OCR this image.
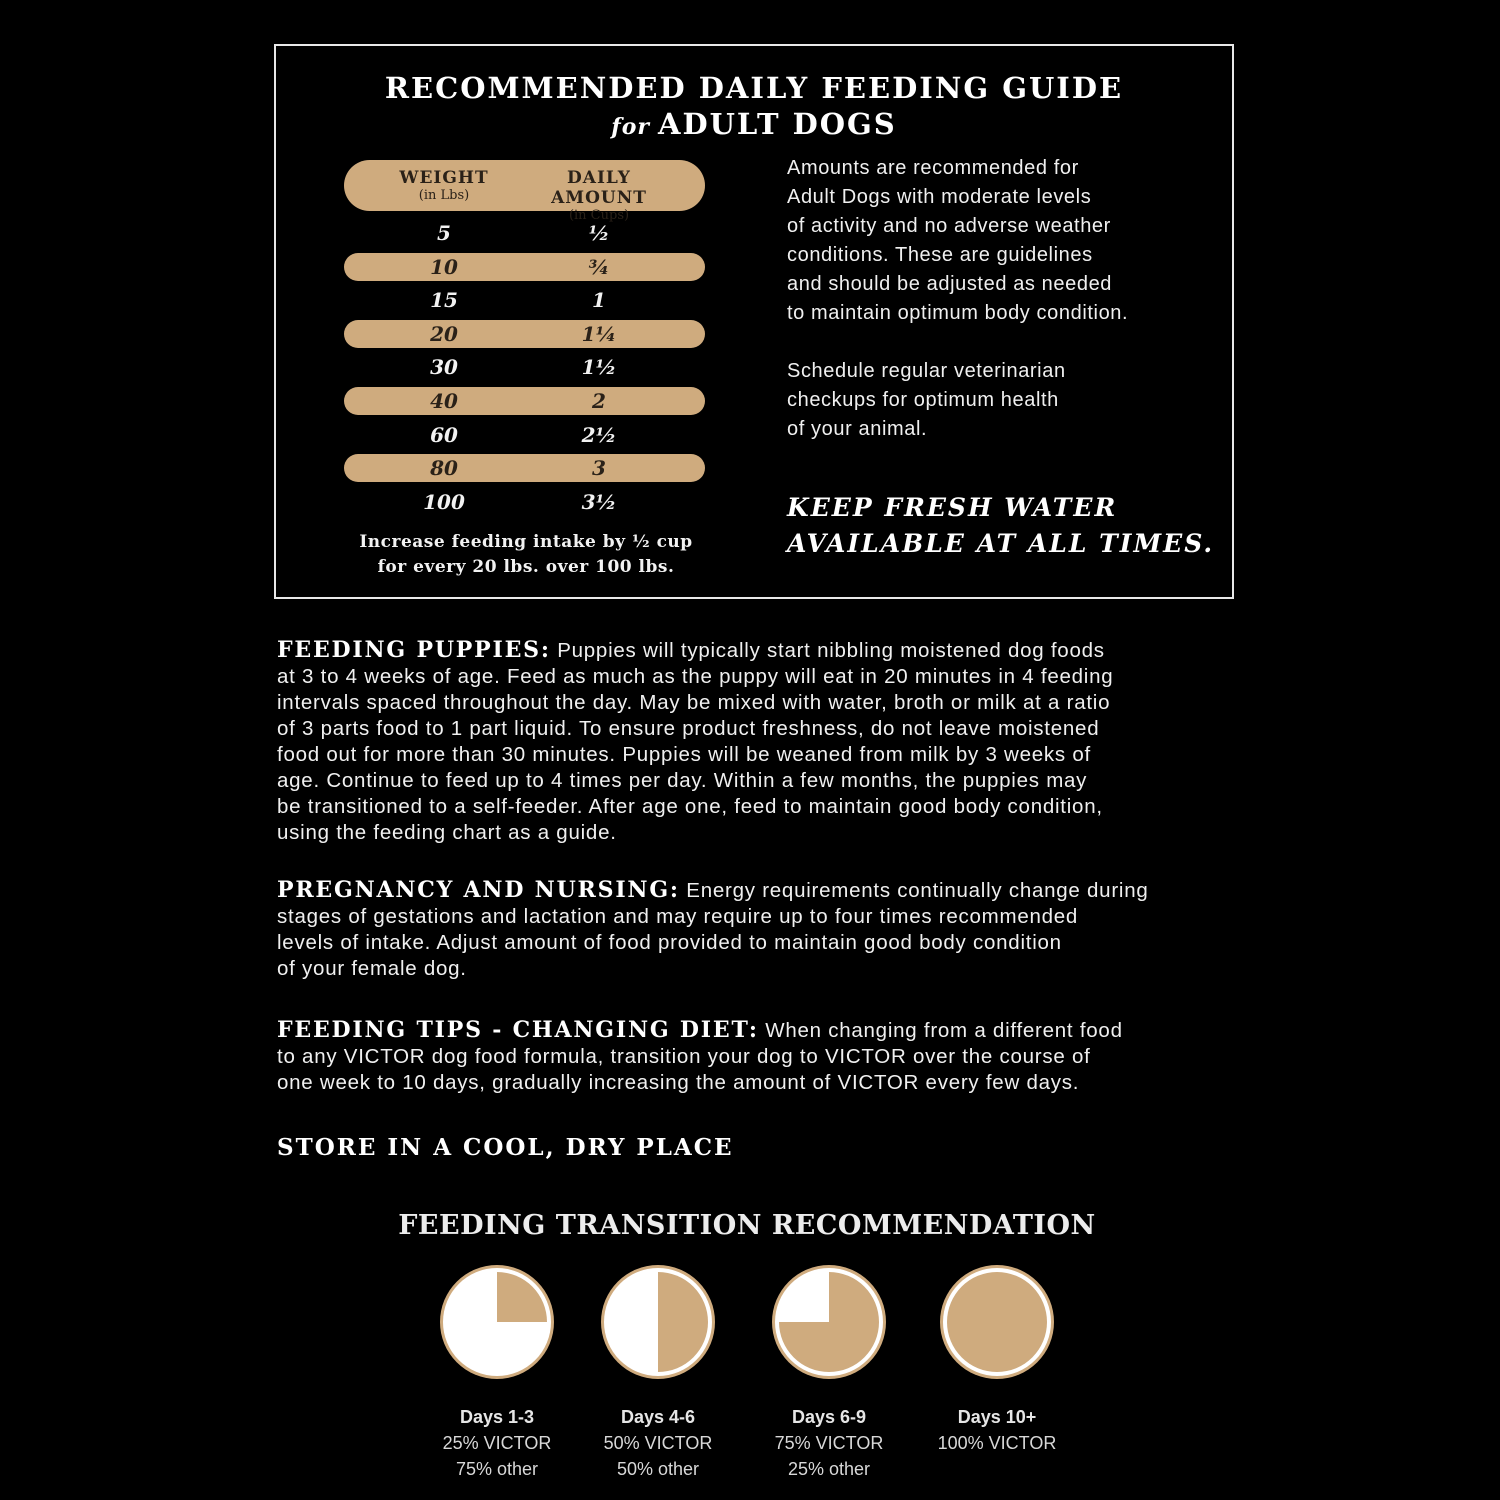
RECOMMENDED DAILY FEEDING GUIDE
for ADULT DOGS
WEIGHT
(in Lbs)
DAILY AMOUNT
(in Cups)
5	½
10	¾
15	1
20	1¼
30	1½
40	2
60	2½
80	3
100	3½
Increase feeding intake by ½ cup
for every 20 lbs. over 100 lbs.

Amounts are recommended for
Adult Dogs with moderate levels
of activity and no adverse weather
conditions. These are guidelines
and should be adjusted as needed
to maintain optimum body condition.

Schedule regular veterinarian
checkups for optimum health
of your animal.

KEEP FRESH WATER
AVAILABLE AT ALL TIMES.

FEEDING PUPPIES: Puppies will typically start nibbling moistened dog foods
at 3 to 4 weeks of age. Feed as much as the puppy will eat in 20 minutes in 4 feeding
intervals spaced throughout the day. May be mixed with water, broth or milk at a ratio
of 3 parts food to 1 part liquid. To ensure product freshness, do not leave moistened
food out for more than 30 minutes. Puppies will be weaned from milk by 3 weeks of
age. Continue to feed up to 4 times per day. Within a few months, the puppies may
be transitioned to a self-feeder. After age one, feed to maintain good body condition,
using the feeding chart as a guide.

PREGNANCY AND NURSING: Energy requirements continually change during
stages of gestations and lactation and may require up to four times recommended
levels of intake. Adjust amount of food provided to maintain good body condition
of your female dog.

FEEDING TIPS - CHANGING DIET: When changing from a different food
to any VICTOR dog food formula, transition your dog to VICTOR over the course of
one week to 10 days, gradually increasing the amount of VICTOR every few days.

STORE IN A COOL, DRY PLACE
FEEDING TRANSITION RECOMMENDATION
Days 1-3
25% VICTOR
75% other
Days 4-6
50% VICTOR
50% other
Days 6-9
75% VICTOR
25% other
Days 10+
100% VICTOR
